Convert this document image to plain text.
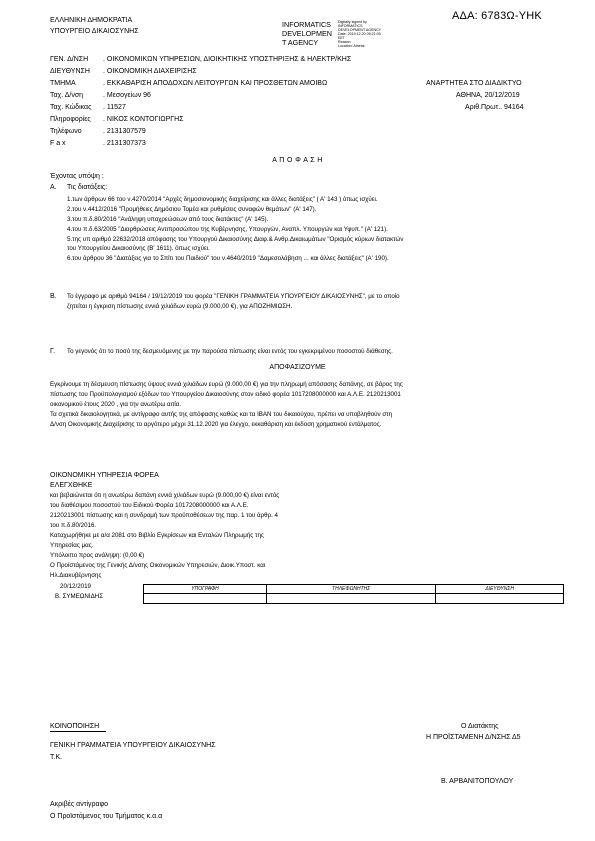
ΑΔΑ: 6783Ω-ΥΗΚ
ΕΛΛΗΝΙΚΗ ΔΗΜΟΚΡΑΤΙΑ
ΥΠΟΥΡΓΕΙΟ ΔΙΚΑΙΟΣΥΝΗΣ
INFORMATICS
DEVELOPMEN
T AGENCY
Digitally signed by
INFORMATICS
DEVELOPMENT AGENCY
Date: 2019.12.20 09:21:05
EET
Reason:
Location: Athens
ΓΕΝ. Δ/ΝΣΗ . ΟΙΚΟΝΟΜΙΚΩΝ ΥΠΗΡΕΣΙΩΝ, ΔΙΟΙΚΗΤΙΚΗΣ ΥΠΟΣΤΗΡΙΞΗΣ & ΗΛΕΚΤΡ/ΚΗΣ
ΔΙΕΥΘΥΝΣΗ . ΟΙΚΟΝΟΜΙΚΗ ΔΙΑΧΕΙΡΙΣΗΣ
ΤΜΗΜΑ	. ΕΚΚΑΘΑΡΙΣΗ ΑΠΟΔΟΧΩΝ ΛΕΙΤΟΥΡΓΩΝ ΚΑΙ ΠΡΟΣΘΕΤΩΝ ΑΜΟΙΒΩ
Ταχ. Δ/νση	. Μεσογείων 96
Ταχ. Κώδικας . 11527
Πληροφορίες . ΝΙΚΟΣ ΚΟΝΤΟΓΙΩΡΓΗΣ
Τηλέφωνο	. 2131307579
F a x	. 2131307373
ΑΝΑΡΤΗΤΕΑ ΣΤΟ ΔΙΑΔΙΚΤΥΟ
ΑΘΗΝΑ, 20/12/2019
Αριθ.Πρωτ.. 94164
Α Π Ο Φ Α Σ Η
Έχοντας υπόψη :
Α. Τις διατάξεις:
1.των άρθρων 66 του ν.4270/2014 "Αρχές δημοσιονομικής διαχείρισης και άλλες διατάξεις" ( Α' 143 ) όπως ισχύει.
2.του ν.4412/2016 "Προμήθειες Δημόσιου Τομέα και ρυθμίσεις συναφών θεμάτων" (Α' 147).
3.του π.δ.80/2016 "Ανάληψη υποχρεώσεων από τους διατάκτες" (Α' 145).
4.του π.δ.63/2005 "Διαρθρώσεις Αντιπροσώπου της Κυβέρνησης, Υπουργών, Αναπλ. Υπουργών και Υφυπ." (Α' 121).
5.της υπ αριθμό 22632/2018 απόφασης του Υπουργού Δικαιοσύνης Διαφ.& Ανθρ.Δικαιωμάτων "Ορισμός κύριων διατακτών
του Υπουργείου Δικαιοσύνης (Β' 1611). όπως ισχύει.
6.του άρθρου 36 "Διατάξεις για το Σπίτι του Παιδιού" του ν.4640/2019 "Δαμεσολάβηση ... και άλλες διατάξεις" (Α' 190).
Β. Το έγγραφο με αριθμό 94164 / 19/12/2019 του φορέα "ΓΕΝΙΚΗ ΓΡΑΜΜΑΤΕΙΑ ΥΠΟΥΡΓΕΙΟΥ ΔΙΚΑΙΟΣΥΝΗΣ", με το οποίο
ζητείται η έγκριση πίστωσης εννιά χιλιάδων ευρώ (9.000,00 €), για ΑΠΟΖΗΜΙΩΣΗ.
Γ. Το γεγονός ότι το ποσό της δεσμευόμενης με την παρούσα πίστωσης είναι εντός του εγκεκριμένου ποσοστού διάθεσης.
ΑΠΟΦΑΣΙΖΟΥΜΕ
Εγκρίνουμε τη δέσμευση πίστωσης ύψους εννιά χιλιάδων ευρώ (9.000,00 €) για την πληρωμή απόσασης δαπάνης, σε βάρος της
πίστωσης του Προϋπολογισμού εξόδων του Υπουργείου Δικαιοσύνης στον ειδικό φορέα 1017208000000 και Α.Λ.Ε. 2120213001
οικονομικού έτους 2020 , για την ανωτέρω αιτία.
Τα σχετικά δικαιολογητικά, με αντίγραφο αυτής της απόφασης καθώς και τα IBAN του δικαιούχου, πρέπει να υποβληθούν στη
Δ/νση Οικονομικής Διαχείρισης το αργότερο μέχρι 31.12.2020 για έλεγχο, εκκαθάριση και έκδοση χρηματικού εντάλματος.
ΟΙΚΟΝΟΜΙΚΗ ΥΠΗΡΕΣΙΑ ΦΟΡΕΑ
ΕΛΕΓΧΘΗΚΕ
και βεβαιώνεται ότι η ανωτέρω δαπάνη εννιά χιλιάδων ευρώ (9.000,00 €) είναι εντός
του διαθέσιμου ποσοστού του Ειδικού Φορέα 1017208000000 και Α.Λ.Ε.
2120213001 πίστωσης και η συνδρομή των προϋποθέσεων της παρ. 1 του άρθρ. 4
του π.δ.80/2016.
Καταχωρήθηκε με α/α 2081 στο Βιβλίο Εγκρίσεων και Ενταλών Πληρωμής της
Υπηρεσίας μας.
Υπόλοιπο προς ανάληψη: (0,00 €)
Ο Προϊστάμενος της Γενικής Δ/νσης Οικονομικών Υπηρεσιών, Διοικ.Υποστ. και
Ηλ.Διακυβέρνησης
20/12/2019
Β. ΣΥΜΕΩΝΙΔΗΣ
ΥΠΟΓΡΑΦΗ	ΤΗΛΕΦΩΝΗΤΗΣ	ΔΙΕΥΘΥΝΣΗ

ΚΟΙΝΟΠΟΙΗΣΗ
ΓΕΝΙΚΗ ΓΡΑΜΜΑΤΕΙΑ ΥΠΟΥΡΓΕΙΟΥ ΔΙΚΑΙΟΣΥΝΗΣ
Τ.Κ.
Ο Διατάκτης
Η ΠΡΟΪΣΤΑΜΕΝΗ Δ/ΝΣΗΣ Δ5
Β. ΑΡΒΑΝΙΤΟΠΟΥΛΟΥ
Ακριβές αντίγραφο
Ο Προϊστάμενος του Τμήματος κ.α.α
